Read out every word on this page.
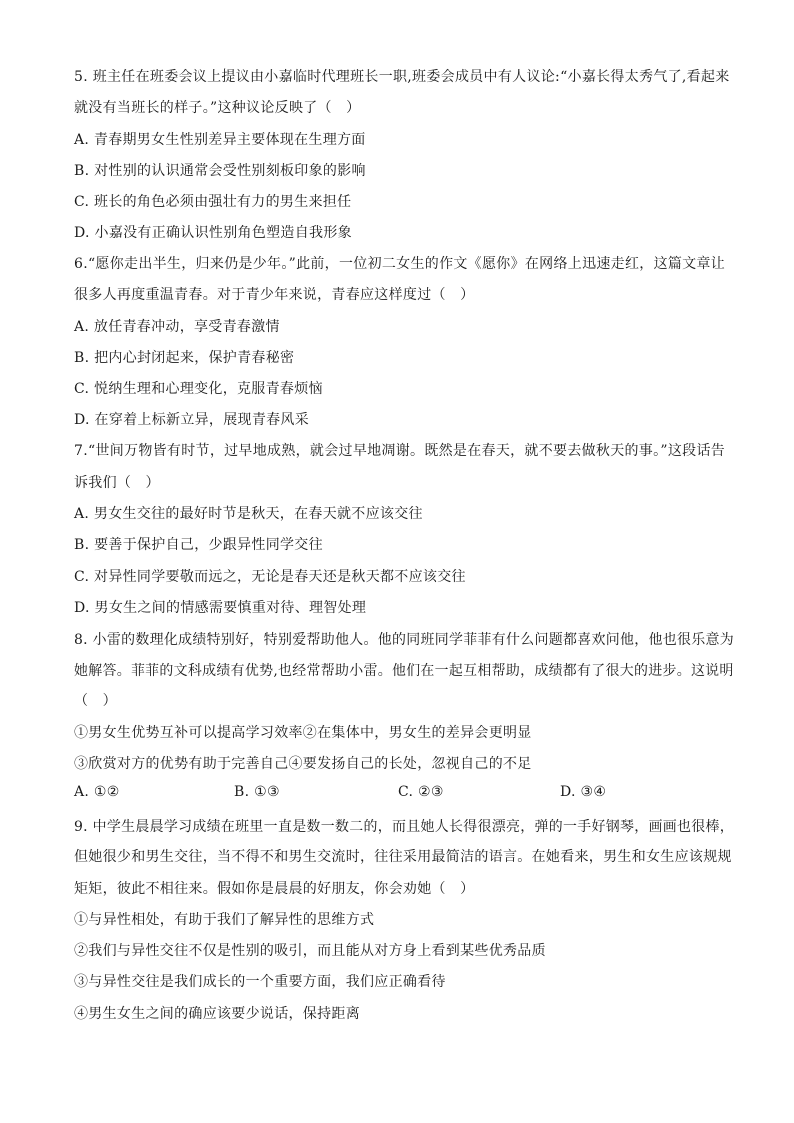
5. 班主任在班委会议上提议由小嘉临时代理班长一职,班委会成员中有人议论:“小嘉长得太秀气了,看起来
就没有当班长的样子。”这种议论反映了（　）
A. 青春期男女生性别差异主要体现在生理方面
B. 对性别的认识通常会受性别刻板印象的影响
C. 班长的角色必须由强壮有力的男生来担任
D. 小嘉没有正确认识性别角色塑造自我形象
6.“愿你走出半生，归来仍是少年。”此前，一位初二女生的作文《愿你》在网络上迅速走红，这篇文章让
很多人再度重温青春。对于青少年来说，青春应这样度过（　）
A. 放任青春冲动，享受青春激情
B. 把内心封闭起来，保护青春秘密
C. 悦纳生理和心理变化，克服青春烦恼
D. 在穿着上标新立异，展现青春风采
7.“世间万物皆有时节，过早地成熟，就会过早地凋谢。既然是在春天，就不要去做秋天的事。”这段话告
诉我们（　）
A. 男女生交往的最好时节是秋天，在春天就不应该交往
B. 要善于保护自己，少跟异性同学交往
C. 对异性同学要敬而远之，无论是春天还是秋天都不应该交往
D. 男女生之间的情感需要慎重对待、理智处理
8. 小雷的数理化成绩特别好，特别爱帮助他人。他的同班同学菲菲有什么问题都喜欢问他，他也很乐意为
她解答。菲菲的文科成绩有优势,也经常帮助小雷。他们在一起互相帮助，成绩都有了很大的进步。这说明
（　）
①男女生优势互补可以提高学习效率②在集体中，男女生的差异会更明显
③欣赏对方的优势有助于完善自己④要发扬自己的长处，忽视自己的不足
A. ①②	B. ①③	C. ②③	D. ③④
9. 中学生晨晨学习成绩在班里一直是数一数二的，而且她人长得很漂亮，弹的一手好钢琴，画画也很棒，
但她很少和男生交往，当不得不和男生交流时，往往采用最简洁的语言。在她看来，男生和女生应该规规
矩矩，彼此不相往来。假如你是晨晨的好朋友，你会劝她（　）
①与异性相处，有助于我们了解异性的思维方式
②我们与异性交往不仅是性别的吸引，而且能从对方身上看到某些优秀品质
③与异性交往是我们成长的一个重要方面，我们应正确看待
④男生女生之间的确应该要少说话，保持距离
